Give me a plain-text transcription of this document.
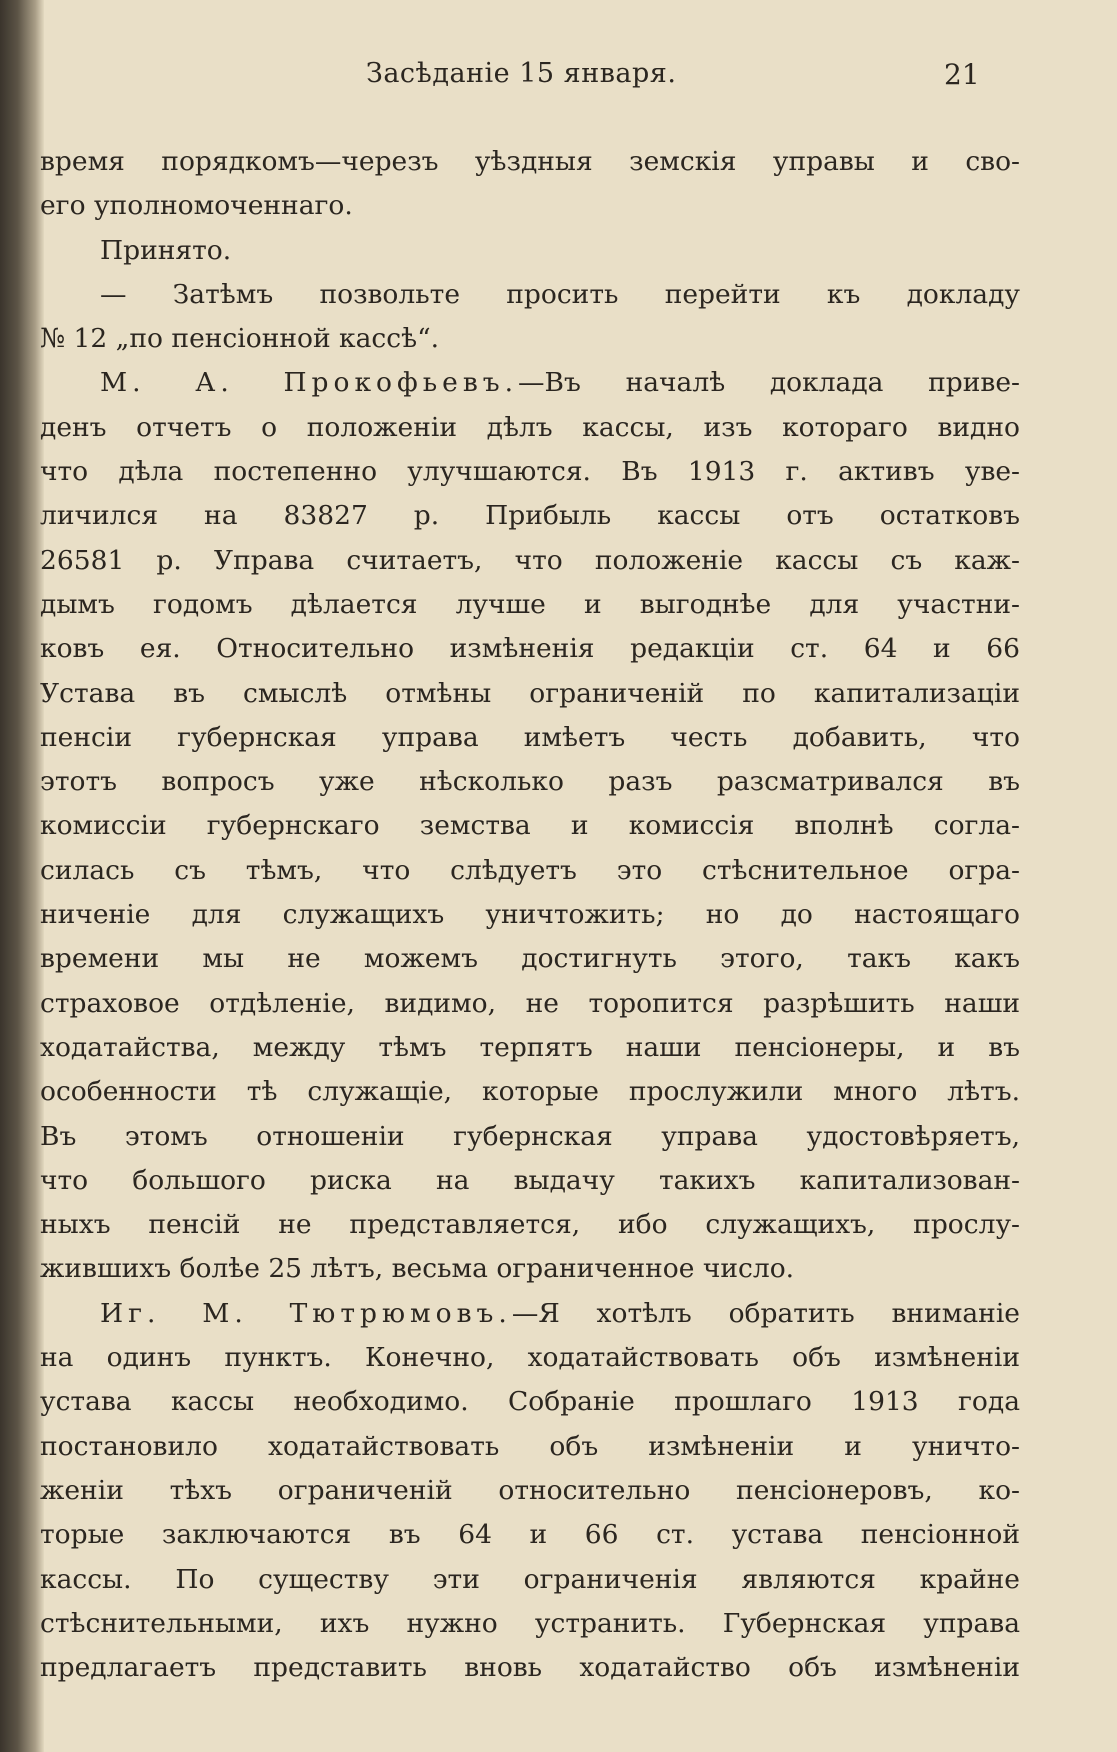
Засѣданіе 15 января.	21
время порядкомъ—черезъ уѣздныя земскія управы и сво-
его уполномоченнаго.
Принято.
— Затѣмъ позвольте просить перейти къ докладу
№ 12 „по пенсіонной кассѣ“.
М. А. Прокофьевъ.—Въ началѣ доклада приве-
денъ отчетъ о положеніи дѣлъ кассы, изъ котораго видно
что дѣла постепенно улучшаются. Въ 1913 г. активъ уве-
личился на 83827 р. Прибыль кассы отъ остатковъ
26581 р. Управа считаетъ, что положеніе кассы съ каж-
дымъ годомъ дѣлается лучше и выгоднѣе для участни-
ковъ ея. Относительно измѣненія редакціи ст. 64 и 66
Устава въ смыслѣ отмѣны ограниченій по капитализаціи
пенсіи губернская управа имѣетъ честь добавить, что
этотъ вопросъ уже нѣсколько разъ разсматривался въ
комиссіи губернскаго земства и комиссія вполнѣ согла-
силась съ тѣмъ, что слѣдуетъ это стѣснительное огра-
ниченіе для служащихъ уничтожить; но до настоящаго
времени мы не можемъ достигнуть этого, такъ какъ
страховое отдѣленіе, видимо, не торопится разрѣшить наши
ходатайства, между тѣмъ терпятъ наши пенсіонеры, и въ
особенности тѣ служащіе, которые прослужили много лѣтъ.
Въ этомъ отношеніи губернская управа удостовѣряетъ,
что большого риска на выдачу такихъ капитализован-
ныхъ пенсій не представляется, ибо служащихъ, прослу-
жившихъ болѣе 25 лѣтъ, весьма ограниченное число.
Иг. М. Тютрюмовъ.—Я хотѣлъ обратить вниманіе
на одинъ пунктъ. Конечно, ходатайствовать объ измѣненіи
устава кассы необходимо. Собраніе прошлаго 1913 года
постановило ходатайствовать объ измѣненіи и уничто-
женіи тѣхъ ограниченій относительно пенсіонеровъ, ко-
торые заключаются въ 64 и 66 ст. устава пенсіонной
кассы. По существу эти ограниченія являются крайне
стѣснительными, ихъ нужно устранить. Губернская управа
предлагаетъ представить вновь ходатайство объ измѣненіи
